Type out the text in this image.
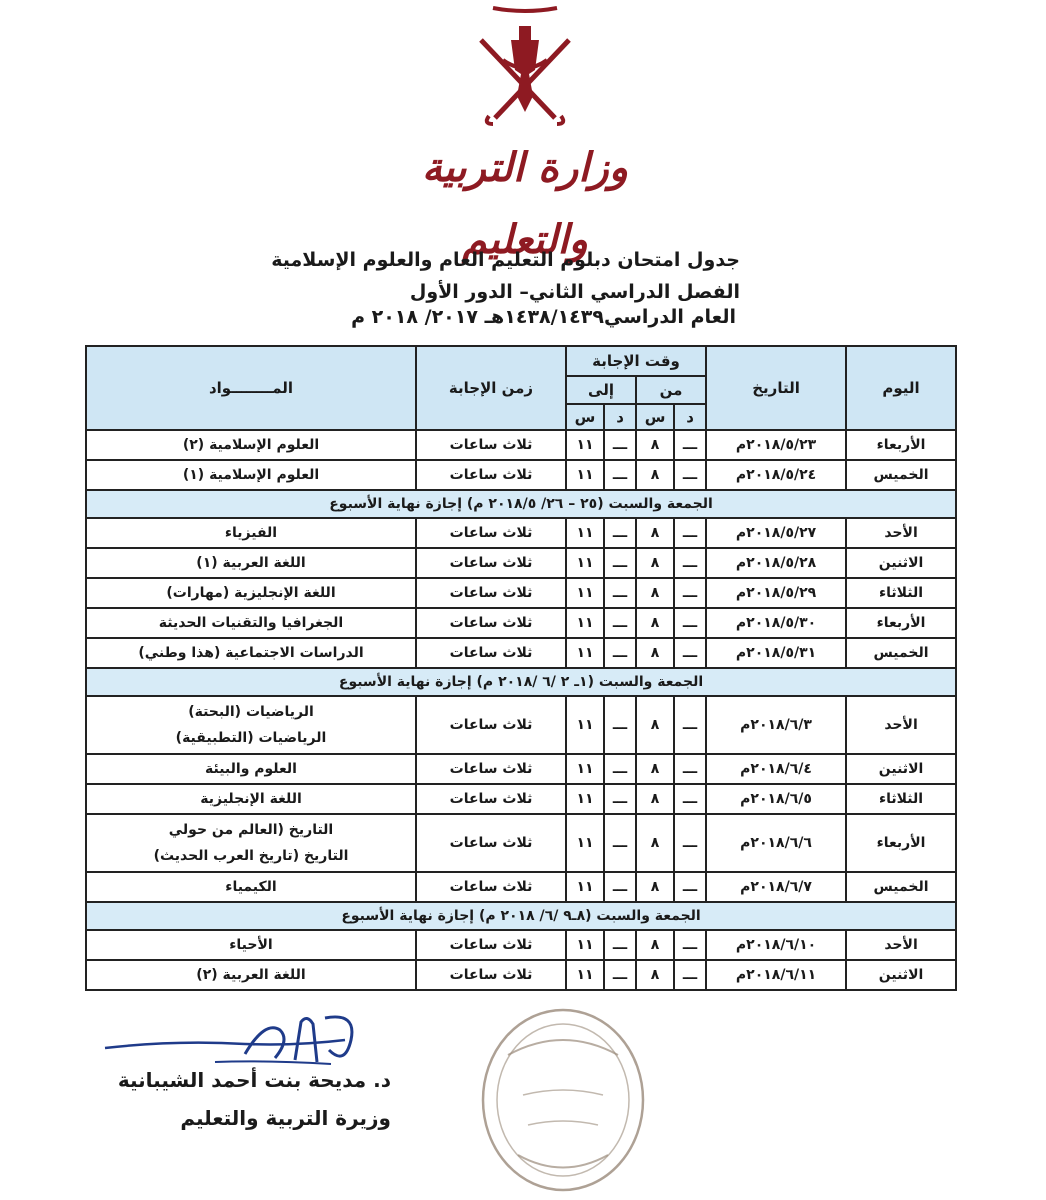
وزارة التربية والتعليم
جدول امتحان دبلوم التعليم العام والعلوم الإسلامية
الفصل الدراسي الثاني– الدور الأول
العام الدراسي١٤٣٨/١٤٣٩هـ ٢٠١٧/ ٢٠١٨ م
اليوم	التاريخ	وقت الإجابة				زمن الإجابة	المــــــــواد
		من		إلى			
		د	س	د	س		
الأربعاء	٢٠١٨/٥/٢٣م	ـــ	٨	ـــ	١١	ثلاث ساعات	العلوم الإسلامية (٢)
الخميس	٢٠١٨/٥/٢٤م	ـــ	٨	ـــ	١١	ثلاث ساعات	العلوم الإسلامية (١)
الجمعة والسبت (٢٥ – ٢٦/ ٢٠١٨/٥ م) إجازة نهاية الأسبوع							
الأحد	٢٠١٨/٥/٢٧م	ـــ	٨	ـــ	١١	ثلاث ساعات	الفيزياء
الاثنين	٢٠١٨/٥/٢٨م	ـــ	٨	ـــ	١١	ثلاث ساعات	اللغة العربية (١)
الثلاثاء	٢٠١٨/٥/٢٩م	ـــ	٨	ـــ	١١	ثلاث ساعات	اللغة الإنجليزية (مهارات)
الأربعاء	٢٠١٨/٥/٣٠م	ـــ	٨	ـــ	١١	ثلاث ساعات	الجغرافيا والتقنيات الحديثة
الخميس	٢٠١٨/٥/٣١م	ـــ	٨	ـــ	١١	ثلاث ساعات	الدراسات الاجتماعية (هذا وطني)
الجمعة والسبت (١ـ ٢ /٦ /٢٠١٨ م) إجازة نهاية الأسبوع							
الأحد	٢٠١٨/٦/٣م	ـــ	٨	ـــ	١١	ثلاث ساعات	الرياضيات (البحتة)
الرياضيات (التطبيقية)

الاثنين	٢٠١٨/٦/٤م	ـــ	٨	ـــ	١١	ثلاث ساعات	العلوم والبيئة
الثلاثاء	٢٠١٨/٦/٥م	ـــ	٨	ـــ	١١	ثلاث ساعات	اللغة الإنجليزية
الأربعاء	٢٠١٨/٦/٦م	ـــ	٨	ـــ	١١	ثلاث ساعات	التاريخ (العالم من حولي
التاريخ (تاريخ العرب الحديث)

الخميس	٢٠١٨/٦/٧م	ـــ	٨	ـــ	١١	ثلاث ساعات	الكيمياء
الجمعة والسبت (٨ـ٩ /٦/ ٢٠١٨ م) إجازة نهاية الأسبوع							
الأحد	٢٠١٨/٦/١٠م	ـــ	٨	ـــ	١١	ثلاث ساعات	الأحياء
الاثنين	٢٠١٨/٦/١١م	ـــ	٨	ـــ	١١	ثلاث ساعات	اللغة العربية (٢)
د. مديحة بنت أحمد الشيبانية
وزيرة التربية والتعليم
